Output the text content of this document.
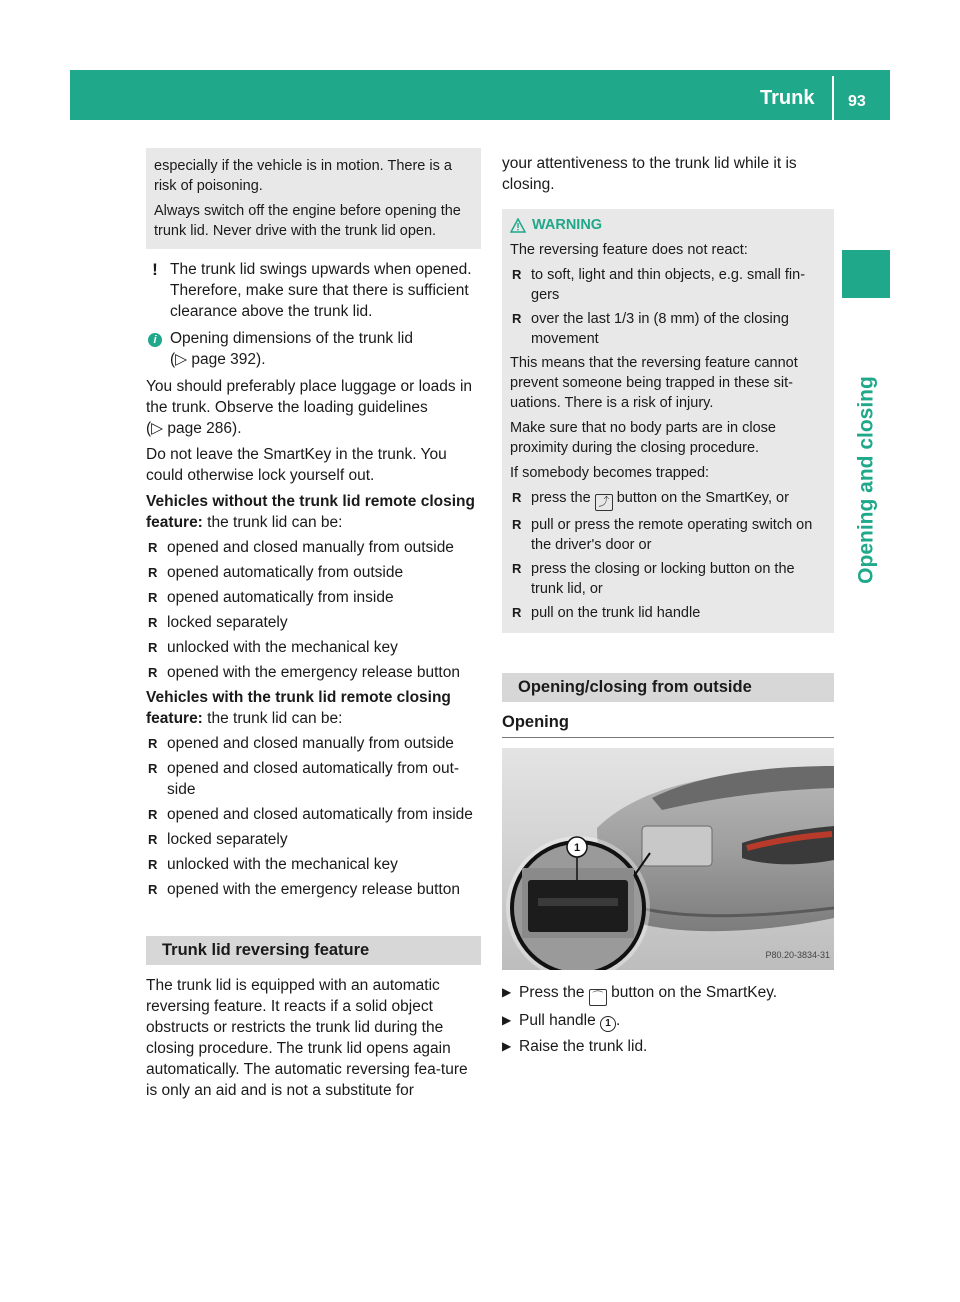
Trunk 93
Opening and closing

especially if the vehicle is in motion. There is a risk of poisoning.

Always switch off the engine before opening the trunk lid. Never drive with the trunk lid open.

! The trunk lid swings upwards when opened. Therefore, make sure that there is sufficient clearance above the trunk lid.
i Opening dimensions of the trunk lid
(▷ page 392).

You should preferably place luggage or loads in the trunk. Observe the loading guidelines
(▷ page 286).

Do not leave the SmartKey in the trunk. You could otherwise lock yourself out.

Vehicles without the trunk lid remote closing feature: the trunk lid can be:

R opened and closed manually from outside
R opened automatically from outside
R opened automatically from inside
R locked separately
R unlocked with the mechanical key
R opened with the emergency release button

Vehicles with the trunk lid remote closing feature: the trunk lid can be:

R opened and closed manually from outside
R opened and closed automatically from out-side
R opened and closed automatically from inside
R locked separately
R unlocked with the mechanical key
R opened with the emergency release button
Trunk lid reversing feature

The trunk lid is equipped with an automatic reversing feature. It reacts if a solid object obstructs or restricts the trunk lid during the closing procedure. The trunk lid opens again automatically. The automatic reversing fea-ture is only an aid and is not a substitute for

your attentiveness to the trunk lid while it is closing.

WARNING

The reversing feature does not react:

R to soft, light and thin objects, e.g. small fin-gers
R over the last 1/3 in (8 mm) of the closing movement

This means that the reversing feature cannot prevent someone being trapped in these sit-uations. There is a risk of injury.

Make sure that no body parts are in close proximity during the closing procedure.

If somebody becomes trapped:

R press the ⤴ button on the SmartKey, or
R pull or press the remote operating switch on the driver's door or
R press the closing or locking button on the trunk lid, or
R pull on the trunk lid handle
Opening/closing from outside
Opening
1
P80.20-3834-31
▶ Press the ⌒ button on the SmartKey.
▶ Pull handle 1 .
▶ Raise the trunk lid.
